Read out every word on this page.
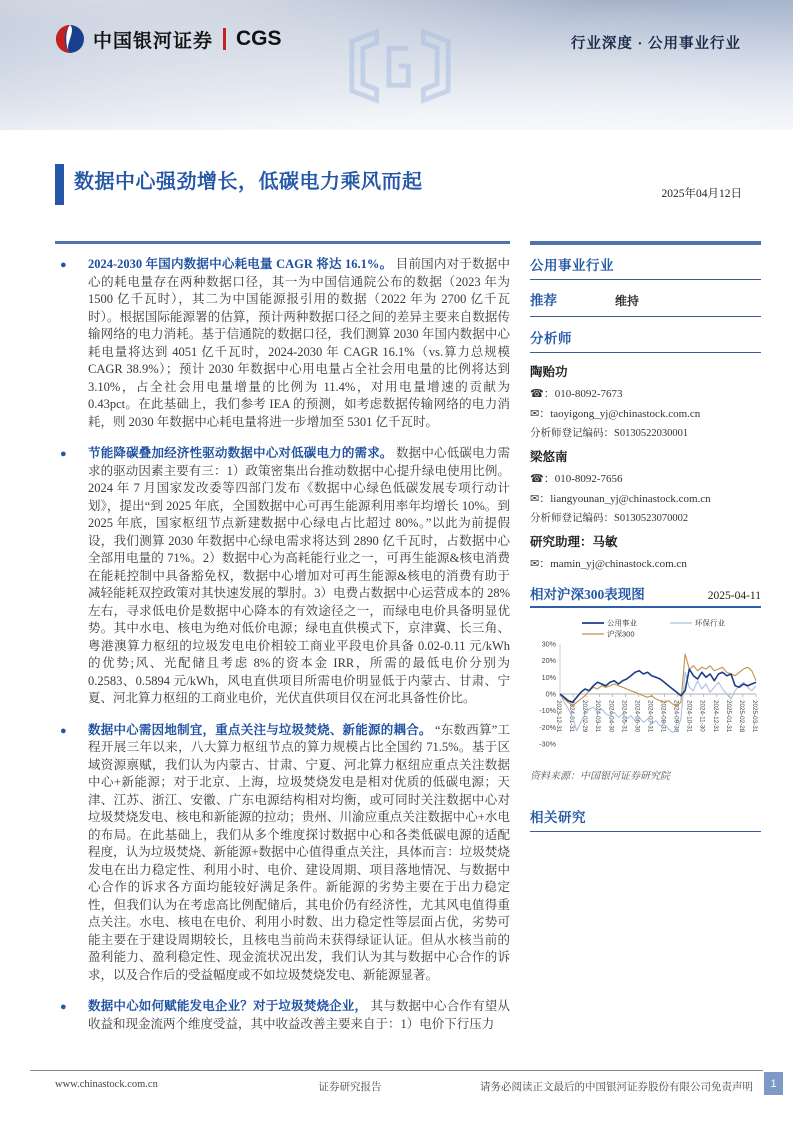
中国银河证券 CGS	行业深度 · 公用事业行业
数据中心强劲增长，低碳电力乘风而起
2025年04月12日

● 2024-2030 年国内数据中心耗电量 CAGR 将达 16.1%。 目前国内对于数据中心的耗电量存在两种数据口径，其一为中国信通院公布的数据（2023 年为 1500 亿千瓦时），其二为中国能源报引用的数据（2022 年为 2700 亿千瓦时）。根据国际能源署的估算，预计两种数据口径之间的差异主要来自数据传输网络的电力消耗。基于信通院的数据口径，我们测算 2030 年国内数据中心耗电量将达到 4051 亿千瓦时，2024-2030 年 CAGR 16.1%（vs.算力总规模 CAGR 38.9%）；预计 2030 年数据中心用电量占全社会用电量的比例将达到 3.10%，占全社会用电量增量的比例为 11.4%，对用电量增速的贡献为 0.43pct。在此基础上，我们参考 IEA 的预测，如考虑数据传输网络的电力消耗，则 2030 年数据中心耗电量将进一步增加至 5301 亿千瓦时。

● 节能降碳叠加经济性驱动数据中心对低碳电力的需求。 数据中心低碳电力需求的驱动因素主要有三：1）政策密集出台推动数据中心提升绿电使用比例。2024 年 7 月国家发改委等四部门发布《数据中心绿色低碳发展专项行动计划》，提出“到 2025 年底，全国数据中心可再生能源利用率年均增长 10%。到 2025 年底，国家枢纽节点新建数据中心绿电占比超过 80%。”以此为前提假设，我们测算 2030 年数据中心绿电需求将达到 2890 亿千瓦时，占数据中心全部用电量的 71%。2）数据中心为高耗能行业之一，可再生能源&核电消费在能耗控制中具备豁免权，数据中心增加对可再生能源&核电的消费有助于减轻能耗双控政策对其快速发展的掣肘。3）电费占数据中心运营成本的 28%左右，寻求低电价是数据中心降本的有效途径之一，而绿电电价具备明显优势。其中水电、核电为绝对低价电源；绿电直供模式下，京津冀、长三角、粤港澳算力枢纽的垃圾发电电价相较工商业平段电价具备 0.02-0.11 元/kWh 的优势;风、光配储且考虑 8%的资本金 IRR，所需的最低电价分别为 0.2583、0.5894 元/kWh，风电直供项目所需电价明显低于内蒙古、甘肃、宁夏、河北算力枢纽的工商业电价，光伏直供项目仅在河北具备性价比。

● 数据中心需因地制宜，重点关注与垃圾焚烧、新能源的耦合。 “东数西算”工程开展三年以来，八大算力枢纽节点的算力规模占比全国约 71.5%。基于区域资源禀赋，我们认为内蒙古、甘肃、宁夏、河北算力枢纽应重点关注数据中心+新能源；对于北京、上海，垃圾焚烧发电是相对优质的低碳电源；天津、江苏、浙江、安徽、广东电源结构相对均衡，或可同时关注数据中心对垃圾焚烧发电、核电和新能源的拉动；贵州、川渝应重点关注数据中心+水电的布局。在此基础上，我们从多个维度探讨数据中心和各类低碳电源的适配程度，认为垃圾焚烧、新能源+数据中心值得重点关注，具体而言：垃圾焚烧发电在出力稳定性、利用小时、电价、建设周期、项目落地情况、与数据中心合作的诉求各方面均能较好满足条件。新能源的劣势主要在于出力稳定性，但我们认为在考虑高比例配储后，其电价仍有经济性，尤其风电值得重点关注。水电、核电在电价、利用小时数、出力稳定性等层面占优，劣势可能主要在于建设周期较长，且核电当前尚未获得绿证认证。但从水核当前的盈利能力、盈利稳定性、现金流状况出发，我们认为其与数据中心合作的诉求，以及合作后的受益幅度或不如垃圾焚烧发电、新能源显著。

● 数据中心如何赋能发电企业？对于垃圾焚烧企业， 其与数据中心合作有望从收益和现金流两个维度受益，其中收益改善主要来自于：1）电价下行压力

公用事业行业
推荐	维持
分析师
陶贻功
☎ ： 010-8092-7673
✉ ： taoyigong_yj@chinastock.com.cn
分析师登记编码：S0130522030001
梁悠南
☎ ： 010-8092-7656
✉ ： liangyounan_yj@chinastock.com.cn
分析师登记编码：S0130523070002
研究助理：马敏
✉ ： mamin_yj@chinastock.com.cn
相对沪深300表现图	2025-04-11
30%
20%
10%
0%
-10%
-20%
-30%
2023-12-31 2024-01-31 2024-02-29 2024-03-31 2024-04-30 2024-05-31 2024-06-30 2024-07-31 2024-08-31 2024-09-30 2024-10-31 2024-11-30 2024-12-31 2025-01-31 2025-02-28 2025-03-31
公用事业
沪深300
环保行业
资料来源：中国银河证券研究院
相关研究
www.chinastock.com.cn	证券研究报告	请务必阅读正文最后的中国银河证券股份有限公司免责声明	1
